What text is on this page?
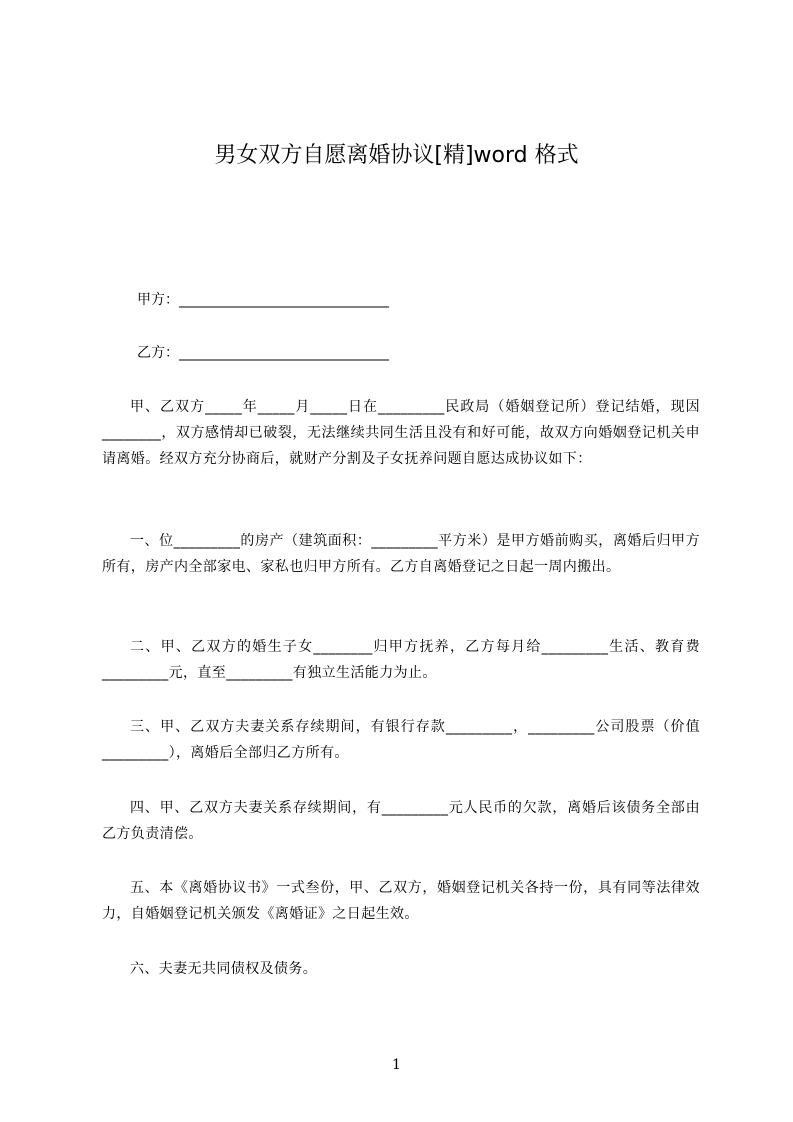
男女双方自愿离婚协议[精]word 格式
甲方：______________________________
乙方：______________________________
甲、乙双方_____年_____月_____日在_________民政局（婚姻登记所）登记结婚，现因________，双方感情却已破裂，无法继续共同生活且没有和好可能，故双方向婚姻登记机关申请离婚。经双方充分协商后，就财产分割及子女抚养问题自愿达成协议如下：
一、位_________的房产（建筑面积：_________平方米）是甲方婚前购买，离婚后归甲方所有，房产内全部家电、家私也归甲方所有。乙方自离婚登记之日起一周内搬出。
二、甲、乙双方的婚生子女________归甲方抚养，乙方每月给_________生活、教育费_________元，直至_________有独立生活能力为止。
三、甲、乙双方夫妻关系存续期间，有银行存款_________，_________公司股票（价值_________），离婚后全部归乙方所有。
四、甲、乙双方夫妻关系存续期间，有_________元人民币的欠款，离婚后该债务全部由乙方负责清偿。
五、本《离婚协议书》一式叁份，甲、乙双方，婚姻登记机关各持一份，具有同等法律效力，自婚姻登记机关颁发《离婚证》之日起生效。
六、夫妻无共同债权及债务。
1
